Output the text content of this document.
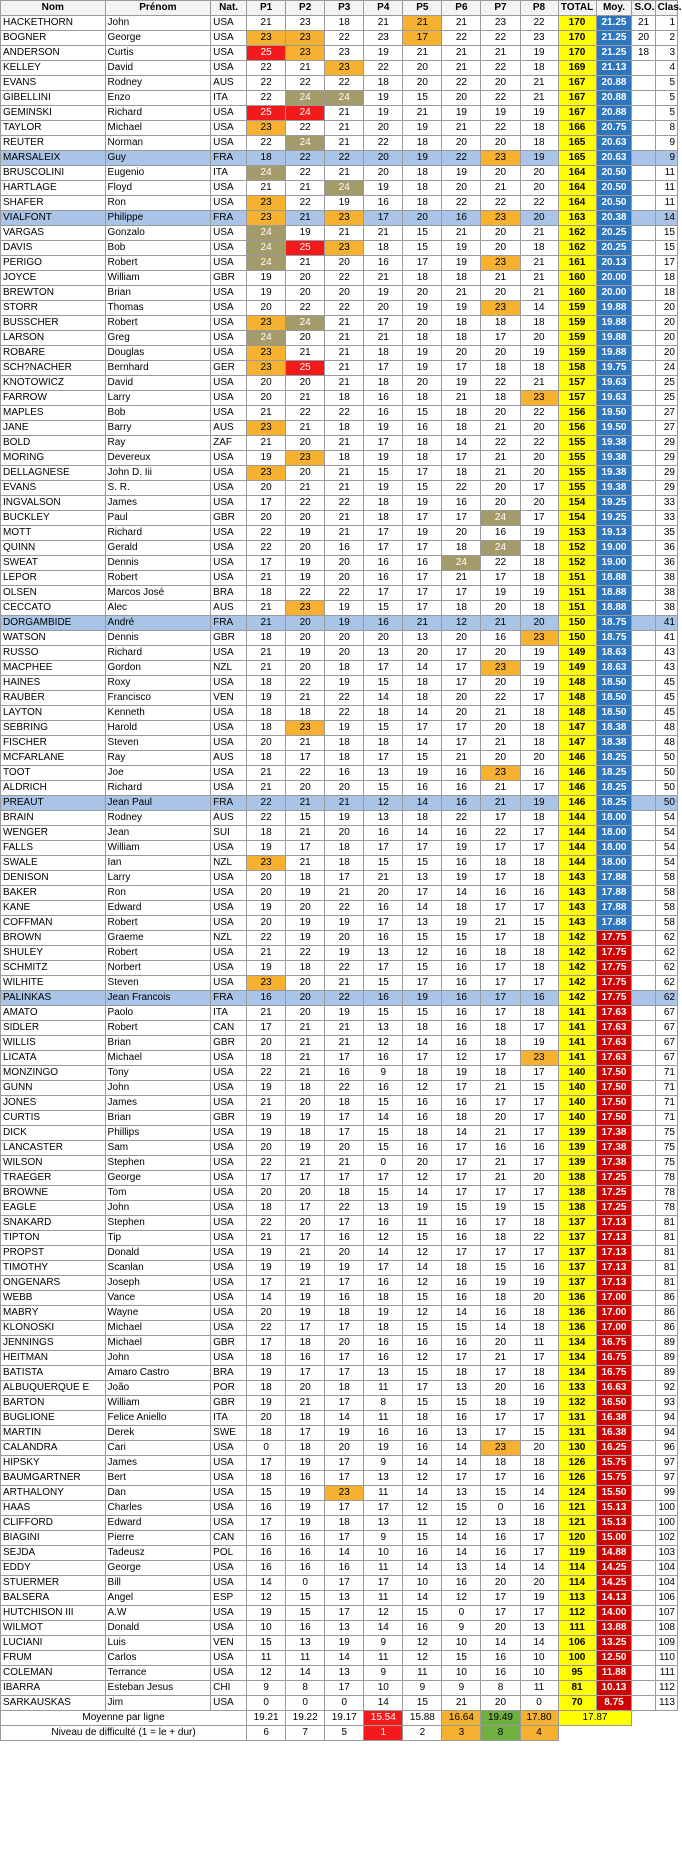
Nom	Prénom	Nat.	P1	P2	P3	P4	P5	P6	P7	P8	TOTAL	Moy.	S.O.	Clas.
HACKETHORN	John	USA	21	23	18	21	21	21	23	22	170	21.25	21	1
BOGNER	George	USA	23	23	22	23	17	22	22	23	170	21.25	20	2
ANDERSON	Curtis	USA	25	23	23	19	21	21	21	19	170	21.25	18	3
KELLEY	David	USA	22	21	23	22	20	21	22	18	169	21.13		4
EVANS	Rodney	AUS	22	22	22	18	20	22	20	21	167	20.88		5
GIBELLINI	Enzo	ITA	22	24	24	19	15	20	22	21	167	20.88		5
GEMINSKI	Richard	USA	25	24	21	19	21	19	19	19	167	20.88		5
TAYLOR	Michael	USA	23	22	21	20	19	21	22	18	166	20.75		8
REUTER	Norman	USA	22	24	21	22	18	20	20	18	165	20.63		9
MARSALEIX	Guy	FRA	18	22	22	20	19	22	23	19	165	20.63		9
BRUSCOLINI	Eugenio	ITA	24	22	21	20	18	19	20	20	164	20.50		11
HARTLAGE	Floyd	USA	21	21	24	19	18	20	21	20	164	20.50		11
SHAFER	Ron	USA	23	22	19	16	18	22	22	22	164	20.50		11
VIALFONT	Philippe	FRA	23	21	23	17	20	16	23	20	163	20.38		14
VARGAS	Gonzalo	USA	24	19	21	21	15	21	20	21	162	20.25		15
DAVIS	Bob	USA	24	25	23	18	15	19	20	18	162	20.25		15
PERIGO	Robert	USA	24	21	20	16	17	19	23	21	161	20.13		17
JOYCE	William	GBR	19	20	22	21	18	18	21	21	160	20.00		18
BREWTON	Brian	USA	19	20	20	19	20	21	20	21	160	20.00		18
STORR	Thomas	USA	20	22	22	20	19	19	23	14	159	19.88		20
BUSSCHER	Robert	USA	23	24	21	17	20	18	18	18	159	19.88		20
LARSON	Greg	USA	24	20	21	21	18	18	17	20	159	19.88		20
ROBARE	Douglas	USA	23	21	21	18	19	20	20	19	159	19.88		20
SCH?NACHER	Bernhard	GER	23	25	21	17	19	17	18	18	158	19.75		24
KNOTOWICZ	David	USA	20	20	21	18	20	19	22	21	157	19.63		25
FARROW	Larry	USA	20	21	18	16	18	21	18	23	157	19.63		25
MAPLES	Bob	USA	21	22	22	16	15	18	20	22	156	19.50		27
JANE	Barry	AUS	23	21	18	19	16	18	21	20	156	19.50		27
BOLD	Ray	ZAF	21	20	21	17	18	14	22	22	155	19.38		29
MORING	Devereux	USA	19	23	18	19	18	17	21	20	155	19.38		29
DELLAGNESE	John D. Iii	USA	23	20	21	15	17	18	21	20	155	19.38		29
EVANS	S. R.	USA	20	21	21	19	15	22	20	17	155	19.38		29
INGVALSON	James	USA	17	22	22	18	19	16	20	20	154	19.25		33
BUCKLEY	Paul	GBR	20	20	21	18	17	17	24	17	154	19.25		33
MOTT	Richard	USA	22	19	21	17	19	20	16	19	153	19.13		35
QUINN	Gerald	USA	22	20	16	17	17	18	24	18	152	19.00		36
SWEAT	Dennis	USA	17	19	20	16	16	24	22	18	152	19.00		36
LEPOR	Robert	USA	21	19	20	16	17	21	17	18	151	18.88		38
OLSEN	Marcos José	BRA	18	22	22	17	17	17	19	19	151	18.88		38
CECCATO	Alec	AUS	21	23	19	15	17	18	20	18	151	18.88		38
DORGAMBIDE	André	FRA	21	20	19	16	21	12	21	20	150	18.75		41
WATSON	Dennis	GBR	18	20	20	20	13	20	16	23	150	18.75		41
RUSSO	Richard	USA	21	19	20	13	20	17	20	19	149	18.63		43
MACPHEE	Gordon	NZL	21	20	18	17	14	17	23	19	149	18.63		43
HAINES	Roxy	USA	18	22	19	15	18	17	20	19	148	18.50		45
RAUBER	Francisco	VEN	19	21	22	14	18	20	22	17	148	18.50		45
LAYTON	Kenneth	USA	18	18	22	18	14	20	21	18	148	18.50		45
SEBRING	Harold	USA	18	23	19	15	17	17	20	18	147	18.38		48
FISCHER	Steven	USA	20	21	18	18	14	17	21	18	147	18.38		48
MCFARLANE	Ray	AUS	18	17	18	17	15	21	20	20	146	18.25		50
TOOT	Joe	USA	21	22	16	13	19	16	23	16	146	18.25		50
ALDRICH	Richard	USA	21	20	20	15	16	16	21	17	146	18.25		50
PREAUT	Jean Paul	FRA	22	21	21	12	14	16	21	19	146	18.25		50
BRAIN	Rodney	AUS	22	15	19	13	18	22	17	18	144	18.00		54
WENGER	Jean	SUI	18	21	20	16	14	16	22	17	144	18.00		54
FALLS	William	USA	19	17	18	17	17	19	17	17	144	18.00		54
SWALE	Ian	NZL	23	21	18	15	15	16	18	18	144	18.00		54
DENISON	Larry	USA	20	18	17	21	13	19	17	18	143	17.88		58
BAKER	Ron	USA	20	19	21	20	17	14	16	16	143	17.88		58
KANE	Edward	USA	19	20	22	16	14	18	17	17	143	17.88		58
COFFMAN	Robert	USA	20	19	19	17	13	19	21	15	143	17.88		58
BROWN	Graeme	NZL	22	19	20	16	15	15	17	18	142	17.75		62
SHULEY	Robert	USA	21	22	19	13	12	16	18	18	142	17.75		62
SCHMITZ	Norbert	USA	19	18	22	17	15	16	17	18	142	17.75		62
WILHITE	Steven	USA	23	20	21	15	17	16	17	17	142	17.75		62
PALINKAS	Jean Francois	FRA	16	20	22	16	19	16	17	16	142	17.75		62
AMATO	Paolo	ITA	21	20	19	15	15	16	17	18	141	17.63		67
SIDLER	Robert	CAN	17	21	21	13	18	16	18	17	141	17.63		67
WILLIS	Brian	GBR	20	21	21	12	14	16	18	19	141	17.63		67
LICATA	Michael	USA	18	21	17	16	17	12	17	23	141	17.63		67
MONZINGO	Tony	USA	22	21	16	9	18	19	18	17	140	17.50		71
GUNN	John	USA	19	18	22	16	12	17	21	15	140	17.50		71
JONES	James	USA	21	20	18	15	16	16	17	17	140	17.50		71
CURTIS	Brian	GBR	19	19	17	14	16	18	20	17	140	17.50		71
DICK	Phillips	USA	19	18	17	15	18	14	21	17	139	17.38		75
LANCASTER	Sam	USA	20	19	20	15	16	17	16	16	139	17.38		75
WILSON	Stephen	USA	22	21	21	0	20	17	21	17	139	17.38		75
TRAEGER	George	USA	17	17	17	17	12	17	21	20	138	17.25		78
BROWNE	Tom	USA	20	20	18	15	14	17	17	17	138	17.25		78
EAGLE	John	USA	18	17	22	13	19	15	19	15	138	17.25		78
SNAKARD	Stephen	USA	22	20	17	16	11	16	17	18	137	17.13		81
TIPTON	Tip	USA	21	17	16	12	15	16	18	22	137	17.13		81
PROPST	Donald	USA	19	21	20	14	12	17	17	17	137	17.13		81
TIMOTHY	Scanlan	USA	19	19	19	17	14	18	15	16	137	17.13		81
ONGENARS	Joseph	USA	17	21	17	16	12	16	19	19	137	17.13		81
WEBB	Vance	USA	14	19	16	18	15	16	18	20	136	17.00		86
MABRY	Wayne	USA	20	19	18	19	12	14	16	18	136	17.00		86
KLONOSKI	Michael	USA	22	17	17	18	15	15	14	18	136	17.00		86
JENNINGS	Michael	GBR	17	18	20	16	16	16	20	11	134	16.75		89
HEITMAN	John	USA	18	16	17	16	12	17	21	17	134	16.75		89
BATISTA	Amaro Castro	BRA	19	17	17	13	15	18	17	18	134	16.75		89
ALBUQUERQUE E	João	POR	18	20	18	11	17	13	20	16	133	16.63		92
BARTON	William	GBR	19	21	17	8	15	15	18	19	132	16.50		93
BUGLIONE	Felice Aniello	ITA	20	18	14	11	18	16	17	17	131	16.38		94
MARTIN	Derek	SWE	18	17	19	16	16	13	17	15	131	16.38		94
CALANDRA	Cari	USA	0	18	20	19	16	14	23	20	130	16.25		96
HIPSKY	James	USA	17	19	17	9	14	14	18	18	126	15.75		97
BAUMGARTNER	Bert	USA	18	16	17	13	12	17	17	16	126	15.75		97
ARTHALONY	Dan	USA	15	19	23	11	14	13	15	14	124	15.50		99
HAAS	Charles	USA	16	19	17	17	12	15	0	16	121	15.13		100
CLIFFORD	Edward	USA	17	19	18	13	11	12	13	18	121	15.13		100
BIAGINI	Pierre	CAN	16	16	17	9	15	14	16	17	120	15.00		102
SEJDA	Tadeusz	POL	16	16	14	10	16	14	16	17	119	14.88		103
EDDY	George	USA	16	16	16	11	14	13	14	14	114	14.25		104
STUERMER	Bill	USA	14	0	17	17	10	16	20	20	114	14.25		104
BALSERA	Angel	ESP	12	15	13	11	14	12	17	19	113	14.13		106
HUTCHISON III	A.W	USA	19	15	17	12	15	0	17	17	112	14.00		107
WILMOT	Donald	USA	10	16	13	14	16	9	20	13	111	13.88		108
LUCIANI	Luis	VEN	15	13	19	9	12	10	14	14	106	13.25		109
FRUM	Carlos	USA	11	11	14	11	12	15	16	10	100	12.50		110
COLEMAN	Terrance	USA	12	14	13	9	11	10	16	10	95	11.88		111
IBARRA	Esteban Jesus	CHI	9	8	17	10	9	9	8	11	81	10.13		112
SARKAUSKAS	Jim	USA	0	0	0	14	15	21	20	0	70	8.75		113
Moyenne par ligne			19.21	19.22	19.17	15.54	15.88	16.64	19.49	17.80	17.87			
Niveau de difficulté (1 = le + dur)			6	7	5	1	2	3	8	4				
